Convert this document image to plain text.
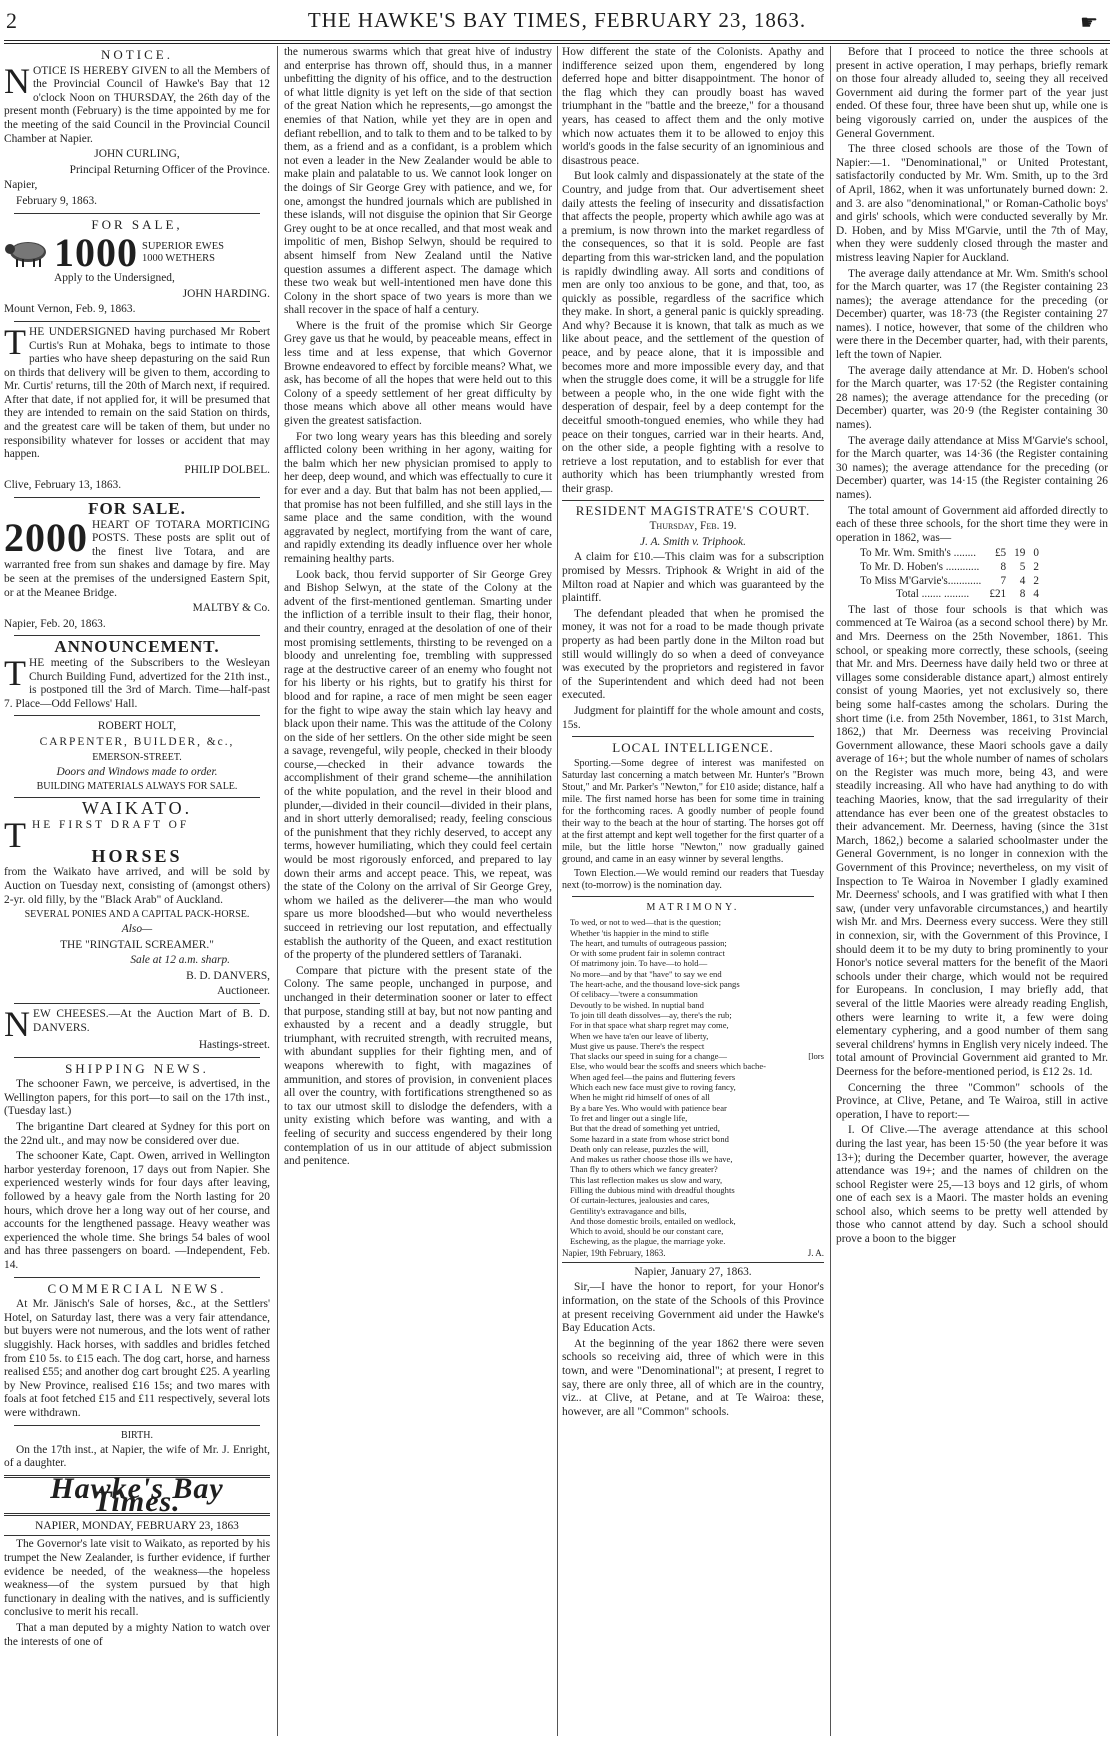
2	THE HAWKE'S BAY TIMES, FEBRUARY 23, 1863.	☛
NOTICE.

NOTICE IS HEREBY GIVEN to all the Members of the Provincial Council of Hawke's Bay that 12 o'clock Noon on THURSDAY, the 26th day of the present month (February) is the time appointed by me for the meeting of the said Council in the Provincial Council Chamber at Napier.

JOHN CURLING,

Principal Returning Officer of the Province.

Napier,

February 9, 1863.

FOR SALE,
1000 SUPERIOR EWES
1000 WETHERS

Apply to the Undersigned,

JOHN HARDING.

Mount Vernon, Feb. 9, 1863.

THE UNDERSIGNED having purchased Mr Robert Curtis's Run at Mohaka, begs to intimate to those parties who have sheep depasturing on the said Run on thirds that delivery will be given to them, according to Mr. Curtis' returns, till the 20th of March next, if required. After that date, if not applied for, it will be presumed that they are intended to remain on the said Station on thirds, and the greatest care will be taken of them, but under no responsibility whatever for losses or accident that may happen.

PHILIP DOLBEL.

Clive, February 13, 1863.

FOR SALE.

2000 HEART OF TOTARA MORTICING POSTS. These posts are split out of the finest live Totara, and are warranted free from sun shakes and damage by fire. May be seen at the premises of the undersigned Eastern Spit, or at the Meanee Bridge.

MALTBY & Co.

Napier, Feb. 20, 1863.

ANNOUNCEMENT.

THE meeting of the Subscribers to the Wesleyan Church Building Fund, advertized for the 21th inst., is postponed till the 3rd of March. Time—half-past 7. Place—Odd Fellows' Hall.

ROBERT HOLT,

CARPENTER, BUILDER, &c.,

EMERSON-STREET.

Doors and Windows made to order.

BUILDING MATERIALS ALWAYS FOR SALE.

WAIKATO.

THE FIRST DRAFT OF

HORSES

from the Waikato have arrived, and will be sold by Auction on Tuesday next, consisting of (amongst others) 2-yr. old filly, by the "Black Arab" of Auckland.

SEVERAL PONIES AND A CAPITAL PACK-HORSE.

Also—

THE "RINGTAIL SCREAMER."

Sale at 12 a.m. sharp.

B. D. DANVERS,

Auctioneer.

NEW CHEESES.—At the Auction Mart of B. D. DANVERS.

Hastings-street.

SHIPPING NEWS.

The schooner Fawn, we perceive, is advertised, in the Wellington papers, for this port—to sail on the 17th inst., (Tuesday last.)

The brigantine Dart cleared at Sydney for this port on the 22nd ult., and may now be considered over due.

The schooner Kate, Capt. Owen, arrived in Wellington harbor yesterday forenoon, 17 days out from Napier. She experienced westerly winds for four days after leaving, followed by a heavy gale from the North lasting for 20 hours, which drove her a long way out of her course, and accounts for the lengthened passage. Heavy weather was experienced the whole time. She brings 54 bales of wool and has three passengers on board. —Independent, Feb. 14.

COMMERCIAL NEWS.

At Mr. Jänisch's Sale of horses, &c., at the Settlers' Hotel, on Saturday last, there was a very fair attendance, but buyers were not numerous, and the lots went of rather sluggishly. Hack horses, with saddles and bridles fetched from £10 5s. to £15 each. The dog cart, horse, and harness realised £55; and another dog cart brought £25. A yearling by New Province, realised £16 15s; and two mares with foals at foot fetched £15 and £11 respectively, several lots were withdrawn.

BIRTH.

On the 17th inst., at Napier, the wife of Mr. J. Enright, of a daughter.

Hawke's Bay Times.

NAPIER, MONDAY, FEBRUARY 23, 1863

The Governor's late visit to Waikato, as reported by his trumpet the New Zealander, is further evidence, if further evidence be needed, of the weakness—the hopeless weakness—of the system pursued by that high functionary in dealing with the natives, and is sufficiently conclusive to merit his recall.

That a man deputed by a mighty Nation to watch over the interests of one of

the numerous swarms which that great hive of industry and enterprise has thrown off, should thus, in a manner unbefitting the dignity of his office, and to the destruction of what little dignity is yet left on the side of that section of the great Nation which he represents,—go amongst the enemies of that Nation, while yet they are in open and defiant rebellion, and to talk to them and to be talked to by them, as a friend and as a confidant, is a problem which not even a leader in the New Zealander would be able to make plain and palatable to us. We cannot look longer on the doings of Sir George Grey with patience, and we, for one, amongst the hundred journals which are published in these islands, will not disguise the opinion that Sir George Grey ought to be at once recalled, and that most weak and impolitic of men, Bishop Selwyn, should be required to absent himself from New Zealand until the Native question assumes a different aspect. The damage which these two weak but well-intentioned men have done this Colony in the short space of two years is more than we shall recover in the space of half a century.

Where is the fruit of the promise which Sir George Grey gave us that he would, by peaceable means, effect in less time and at less expense, that which Governor Browne endeavored to effect by forcible means? What, we ask, has become of all the hopes that were held out to this Colony of a speedy settlement of her great difficulty by those means which above all other means would have given the greatest satisfaction.

For two long weary years has this bleeding and sorely afflicted colony been writhing in her agony, waiting for the balm which her new physician promised to apply to her deep, deep wound, and which was effectually to cure it for ever and a day. But that balm has not been applied,—that promise has not been fulfilled, and she still lays in the same place and the same condition, with the wound aggravated by neglect, mortifying from the want of care, and rapidly extending its deadly influence over her whole remaining healthy parts.

Look back, thou fervid supporter of Sir George Grey and Bishop Selwyn, at the state of the Colony at the advent of the first-mentioned gentleman. Smarting under the infliction of a terrible insult to their flag, their honor, and their country, enraged at the desolation of one of their most promising settlements, thirsting to be revenged on a bloody and unrelenting foe, trembling with suppressed rage at the destructive career of an enemy who fought not for his liberty or his rights, but to gratify his thirst for blood and for rapine, a race of men might be seen eager for the fight to wipe away the stain which lay heavy and black upon their name. This was the attitude of the Colony on the side of her settlers. On the other side might be seen a savage, revengeful, wily people, checked in their bloody course,—checked in their advance towards the accomplishment of their grand scheme—the annihilation of the white population, and the revel in their blood and plunder,—divided in their council—divided in their plans, and in short utterly demoralised; ready, feeling conscious of the punishment that they richly deserved, to accept any terms, however humiliating, which they could feel certain would be most rigorously enforced, and prepared to lay down their arms and accept peace. This, we repeat, was the state of the Colony on the arrival of Sir George Grey, whom we hailed as the deliverer—the man who would spare us more bloodshed—but who would nevertheless succeed in retrieving our lost reputation, and effectually establish the authority of the Queen, and exact restitution of the property of the plundered settlers of Taranaki.

Compare that picture with the present state of the Colony. The same people, unchanged in purpose, and unchanged in their determination sooner or later to effect that purpose, standing still at bay, but not now panting and exhausted by a recent and a deadly struggle, but triumphant, with recruited strength, with recruited means, with abundant supplies for their fighting men, and of weapons wherewith to fight, with magazines of ammunition, and stores of provision, in convenient places all over the country, with fortifications strengthened so as to tax our utmost skill to dislodge the defenders, with a unity existing which before was wanting, and with a feeling of security and success engendered by their long contemplation of us in our attitude of abject submission and penitence.

How different the state of the Colonists. Apathy and indifference seized upon them, engendered by long deferred hope and bitter disappointment. The honor of the flag which they can proudly boast has waved triumphant in the "battle and the breeze," for a thousand years, has ceased to affect them and the only motive which now actuates them it to be allowed to enjoy this world's goods in the false security of an ignominious and disastrous peace.

But look calmly and dispassionately at the state of the Country, and judge from that. Our advertisement sheet daily attests the feeling of insecurity and dissatisfaction that affects the people, property which awhile ago was at a premium, is now thrown into the market regardless of the consequences, so that it is sold. People are fast departing from this war-stricken land, and the population is rapidly dwindling away. All sorts and conditions of men are only too anxious to be gone, and that, too, as quickly as possible, regardless of the sacrifice which they make. In short, a general panic is quickly spreading. And why? Because it is known, that talk as much as we like about peace, and the settlement of the question of peace, and by peace alone, that it is impossible and becomes more and more impossible every day, and that when the struggle does come, it will be a struggle for life between a people who, in the one wide fight with the desperation of despair, feel by a deep contempt for the deceitful smooth-tongued enemies, who while they had peace on their tongues, carried war in their hearts. And, on the other side, a people fighting with a resolve to retrieve a lost reputation, and to establish for ever that authority which has been triumphantly wrested from their grasp.

RESIDENT MAGISTRATE'S COURT.

Thursday, Feb. 19.

J. A. Smith v. Triphook.

A claim for £10.—This claim was for a subscription promised by Messrs. Triphook & Wright in aid of the Milton road at Napier and which was guaranteed by the plaintiff.

The defendant pleaded that when he promised the money, it was not for a road to be made though private property as had been partly done in the Milton road but still would willingly do so when a deed of conveyance was executed by the proprietors and registered in favor of the Superintendent and which deed had not been executed.

Judgment for plaintiff for the whole amount and costs, 15s.

LOCAL INTELLIGENCE.

Sporting.—Some degree of interest was manifested on Saturday last concerning a match between Mr. Hunter's "Brown Stout," and Mr. Parker's "Newton," for £10 aside; distance, half a mile. The first named horse has been for some time in training for the forthcoming races. A goodly number of people found their way to the beach at the hour of starting. The horses got off at the first attempt and kept well together for the first quarter of a mile, but the little horse "Newton," now gradually gained ground, and came in an easy winner by several lengths.

Town Election.—We would remind our readers that Tuesday next (to-morrow) is the nomination day.

MATRIMONY.
To wed, or not to wed—that is the question;
Whether 'tis happier in the mind to stifle
The heart, and tumults of outrageous passion;
Or with some prudent fair in solemn contract
Of matrimony join. To have—to hold—
No more—and by that "have" to say we end
The heart-ache, and the thousand love-sick pangs
Of celibacy—'twere a consummation
Devoutly to be wished. In nuptial band
To join till death dissolves—ay, there's the rub;
For in that space what sharp regret may come,
When we have ta'en our leave of liberty,
Must give us pause. There's the respect
That slacks our speed in suing for a change—	[lors
Else, who would bear the scoffs and sneers which bache-
When aged feel—the pains and fluttering fevers
Which each new face must give to roving fancy,
When he might rid himself of ones of all
By a bare Yes. Who would with patience bear
To fret and linger out a single life,
But that the dread of something yet untried,
Some hazard in a state from whose strict bond
Death only can release, puzzles the will,
And makes us rather choose those ills we have,
Than fly to others which we fancy greater?
This last reflection makes us slow and wary,
Filling the dubious mind with dreadful thoughts
Of curtain-lectures, jealousies and cares,
Gentility's extravagance and bills,
And those domestic broils, entailed on wedlock,
Which to avoid, should be our constant care,
Eschewing, as the plague, the marriage yoke.

Napier, 19th February, 1863.	J. A.

Napier, January 27, 1863.

Sir,—I have the honor to report, for your Honor's information, on the state of the Schools of this Province at present receiving Government aid under the Hawke's Bay Education Acts.

At the beginning of the year 1862 there were seven schools so receiving aid, three of which were in this town, and were "Denominational"; at present, I regret to say, there are only three, all of which are in the country, viz.. at Clive, at Petane, and at Te Wairoa: these, however, are all "Common" schools.

Before that I proceed to notice the three schools at present in active operation, I may perhaps, briefly remark on those four already alluded to, seeing they all received Government aid during the former part of the year just ended. Of these four, three have been shut up, while one is being vigorously carried on, under the auspices of the General Government.

The three closed schools are those of the Town of Napier:—1. "Denominational," or United Protestant, satisfactorily conducted by Mr. Wm. Smith, up to the 3rd of April, 1862, when it was unfortunately burned down: 2. and 3. are also "denominational," or Roman-Catholic boys' and girls' schools, which were conducted severally by Mr. D. Hoben, and by Miss M'Garvie, until the 7th of May, when they were suddenly closed through the master and mistress leaving Napier for Auckland.

The average daily attendance at Mr. Wm. Smith's school for the March quarter, was 17 (the Register containing 23 names); the average attendance for the preceding (or December) quarter, was 18·73 (the Register containing 27 names). I notice, however, that some of the children who were there in the December quarter, had, with their parents, left the town of Napier.

The average daily attendance at Mr. D. Hoben's school for the March quarter, was 17·52 (the Register containing 28 names); the average attendance for the preceding (or December) quarter, was 20·9 (the Register containing 30 names).

The average daily attendance at Miss M'Garvie's school, for the March quarter, was 14·36 (the Register containing 30 names); the average attendance for the preceding (or December) quarter, was 14·15 (the Register containing 26 names).

The total amount of Government aid afforded directly to each of these three schools, for the short time they were in operation in 1862, was—

To Mr. Wm. Smith's ........	£5	19	0
To Mr. D. Hoben's ............	8	5	2
To Miss M'Garvie's............	7	4	2
Total ....... .........	£21	8	4

The last of those four schools is that which was commenced at Te Wairoa (as a second school there) by Mr. and Mrs. Deerness on the 25th November, 1861. This school, or speaking more correctly, these schools, (seeing that Mr. and Mrs. Deerness have daily held two or three at villages some considerable distance apart,) almost entirely consist of young Maories, yet not exclusively so, there being some half-castes among the scholars. During the short time (i.e. from 25th November, 1861, to 31st March, 1862,) that Mr. Deerness was receiving Provincial Government allowance, these Maori schools gave a daily average of 16+; but the whole number of names of scholars on the Register was much more, being 43, and were steadily increasing. All who have had anything to do with teaching Maories, know, that the sad irregularity of their attendance has ever been one of the greatest obstacles to their advancement. Mr. Deerness, having (since the 31st March, 1862,) become a salaried schoolmaster under the General Government, is no longer in connexion with the Government of this Province; nevertheless, on my visit of Inspection to Te Wairoa in November I gladly examined Mr. Deerness' schools, and I was gratified with what I then saw, (under very unfavorable circumstances,) and heartily wish Mr. and Mrs. Deerness every success. Were they still in connexion, sir, with the Government of this Province, I should deem it to be my duty to bring prominently to your Honor's notice several matters for the benefit of the Maori schools under their charge, which would not be required for Europeans. In conclusion, I may briefly add, that several of the little Maories were already reading English, others were learning to write it, a few were doing elementary cyphering, and a good number of them sang several childrens' hymns in English very nicely indeed. The total amount of Provincial Government aid granted to Mr. Deerness for the before-mentioned period, is £12 2s. 1d.

Concerning the three "Common" schools of the Province, at Clive, Petane, and Te Wairoa, still in active operation, I have to report:—

I. Of Clive.—The average attendance at this school during the last year, has been 15·50 (the year before it was 13+); during the December quarter, however, the average attendance was 19+; and the names of children on the school Register were 25,—13 boys and 12 girls, of whom one of each sex is a Maori. The master holds an evening school also, which seems to be pretty well attended by those who cannot attend by day. Such a school should prove a boon to the bigger
